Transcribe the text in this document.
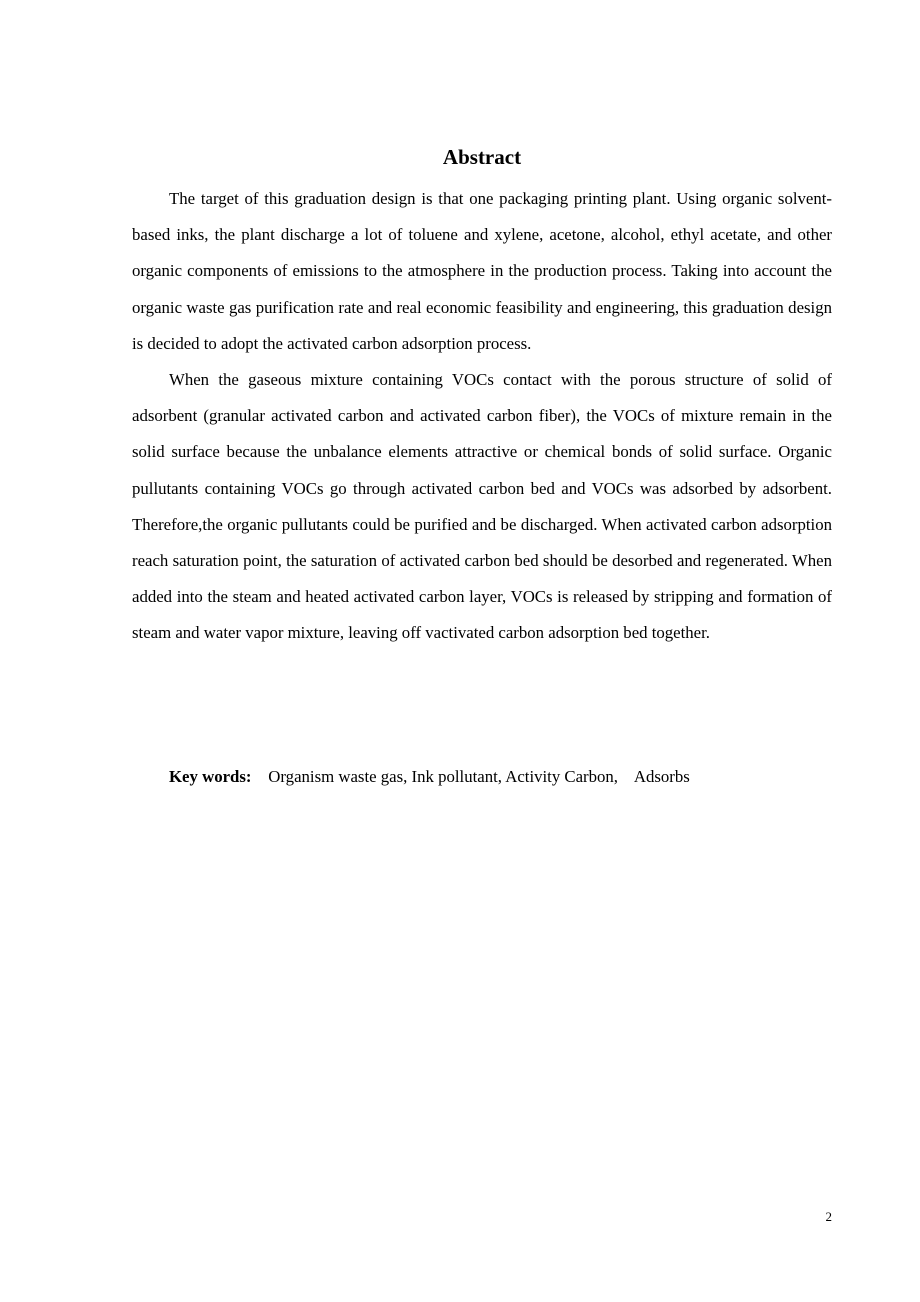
Abstract

The target of this graduation design is that one packaging printing plant. Using organic solvent-based inks, the plant discharge a lot of toluene and xylene, acetone, alcohol, ethyl acetate, and other organic components of emissions to the atmosphere in the production process. Taking into account the organic waste gas purification rate and real economic feasibility and engineering, this graduation design is decided to adopt the activated carbon adsorption process.

When the gaseous mixture containing VOCs contact with the porous structure of solid of adsorbent (granular activated carbon and activated carbon fiber), the VOCs of mixture remain in the solid surface because the unbalance elements attractive or chemical bonds of solid surface. Organic pullutants containing VOCs go through activated carbon bed and VOCs was adsorbed by adsorbent. Therefore,the organic pullutants could be purified and be discharged. When activated carbon adsorption reach saturation point, the saturation of activated carbon bed should be desorbed and regenerated. When added into the steam and heated activated carbon layer, VOCs is released by stripping and formation of steam and water vapor mixture, leaving off vactivated carbon adsorption bed together.

Key words: Organism waste gas, Ink pollutant, Activity Carbon,    Adsorbs
2
